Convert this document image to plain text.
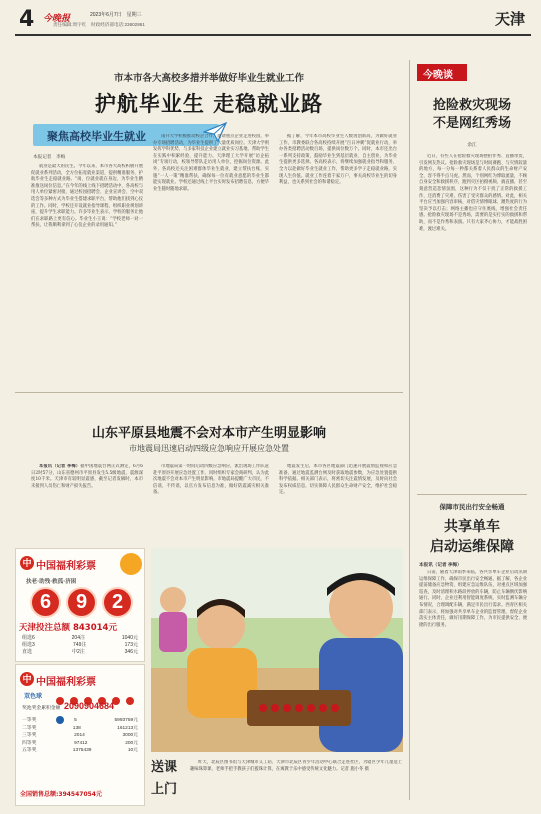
4 今晚报	2023年6月7日　星期三
责任编辑:周宇红　时政经济部电话:23602861	天津
市本市各大高校多措并举做好毕业生就业工作
护航毕业生 走稳就业路
聚焦高校毕业生就业
本报记者　李梅

就业是最大的民生。今年以来，本市各大高校积极开展促就业系列活动，全方位拓宽就业渠道，提供精准服务，护航毕业生走稳就业路。“岗、位就业就在身边，为毕业生精准推送岗位信息。”在今年的线上线下招聘活动中，各高校与用人单位紧密对接，通过校园招聘会、企业宣讲会、空中双选会等多种方式为毕业生搭建求职平台，帮助他们找到心仪的工作。同时，学校还开设就业指导课程，组织职业规划讲座，提升学生求职能力。许多毕业生表示，学校的服务让他们在求职路上更有信心。毕业生小王说：“学校老师一对一帮扶，让我顺利拿到了心仪企业的录用通知。”

南开大学积极推动校企合作，邀请重点企业走进校园，举办专场招聘活动，为毕业生提供了大量优质岗位。天津大学则发挥学科优势，与多家科技企业建立就业实习基地，帮助学生在实践中积累经验、提升能力。天津理工大学开展“访企拓岗”专项行动，校领导带队走访用人单位，挖掘岗位资源。此外，各高校还关注困难群体毕业生就业，建立帮扶台账，实施“一人一策”精准帮扶，确保每一位有就业意愿的毕业生都能实现就业。学校还通过线上平台实时发布招聘信息，方便毕业生随时随地求职。

据了解，今年本市高校毕业生人数再创新高，为做好就业工作，市教委联合各高校持续开展“百日冲刺”促就业行动，举办各类招聘活动数百场，提供岗位数万个。同时，本市还出台一系列支持政策，鼓励毕业生到基层就业、自主创业，为毕业生提供更多选择。各高校表示，将继续加强就业指导和服务，全力以赴做好毕业生就业工作，帮助更多学子走稳就业路，实现人生价值。就业工作连着千家万户，事关高校毕业生的切身利益，也关系到社会的和谐稳定。

今晚谈
抢险救灾现场
不是网红秀场
余江

近日，有些人在抢险救灾现场摆拍作秀、直播带货，引发网友热议。抢险救灾现场是与时间赛跑、与灾情较量的地方，每一分每一秒都关系着人民群众的生命财产安全，容不得半点马虎。然而，个别网红为博取流量，不顾自身安全和救援秩序，跑到灾区拍摄视频、搞直播，甚至刻意营造悲情氛围，这种行为不仅干扰了正常的救援工作，还消费了灾难，伤害了受灾群众的感情。对此，相关平台应当加强内容审核，对借灾情博眼球、蹭热度的行为坚决予以打击；网络主播也应守住底线，增强社会责任感。抢险救灾现场不是秀场，需要的是实打实的救援和帮助，而不是作秀和表演。只有大家齐心协力，才能战胜困难，渡过难关。

保障市民出行安全畅通
共享单车
启动运维保障
本报讯（记者 李梅）

日前，随着天津雨季来临，各共享单车企业启动汛期运维保障工作，确保市民出行安全畅通。据了解，各企业提前储备应急物资，组建应急运维队伍，对重点区域加强巡查，及时清理积水路段停放的车辆，防止车辆倒伏影响通行。同时，企业还利用智能调度系统，实时监测车辆分布情况，合理调配车辆，满足市民出行需求。西青区相关部门表示，将加强对共享单车企业的监督管理，督促企业落实主体责任，做好汛期保障工作，为市民提供安全、便捷的出行服务。

山东平原县地震不会对本市产生明显影响
市地震局迅速启动四级应急响应开展应急处置

本报讯（记者 李梅）据中国地震台网正式测定，6月6日2时57分，山东省德州市平原县发生5.5级地震，震源深度10千米。天津市有较明显震感，截至记者发稿时，本市未接到人员伤亡和财产损失报告。

市地震局第一时间启动四级应急响应，派出现场工作队赶赴平原县开展应急处置工作，同时组织专家会商研判，认为此次地震不会对本市产生明显影响。市地震局提醒广大市民，不信谣、不传谣，以官方发布信息为准，做好防震减灾相关准备。

地震发生后，本市各区地震部门迅速开展震情监视和应急准备，通过地震监测台网及时获取地震参数，为应急处置提供科学依据。相关部门表示，将密切关注震情发展，及时向社会发布权威信息，切实保障人民群众生命财产安全，维护社会稳定。

中 中国福利彩票
扶老·助残·救孤·济困
6	9	2
天津投注总额 843014元
组选6	204注	1040元
组选3	749注	173元
直选	中2注	346元
中 中国福利彩票
双色球

奖池奖金累积金额 2090904684
一等奖	5	5993759元
二等奖	138	161213元
三等奖	2014	3000元
四等奖	97412	200元
五等奖	1375439	10元
全国销售总额:394547054元
送课
上门

昨天，北辰区图书馆与天津城市义工站、天津市北辰区青少年活动中心联合走进社区，为辖区少年儿童送上趣味珠算课，老师手把手教孩子们拨珠计算，在寓教于乐中感受传统文化魅力。记者 施小冬 摄
